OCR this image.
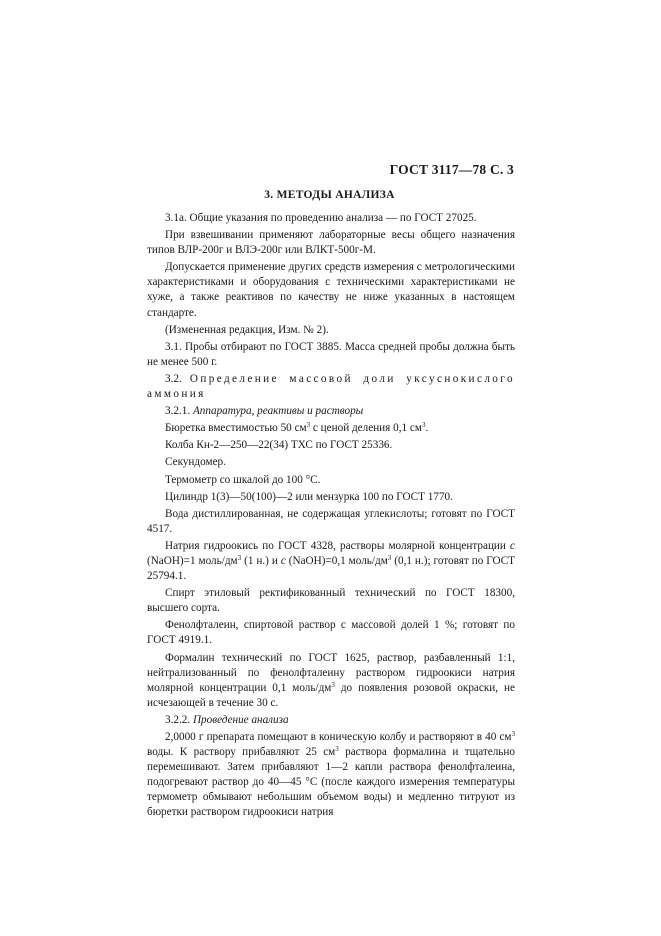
ГОСТ 3117—78 С. 3
3. МЕТОДЫ АНАЛИЗА

3.1а. Общие указания по проведению анализа — по ГОСТ 27025.

При взвешивании применяют лабораторные весы общего назначения типов ВЛР-200г и ВЛЭ-200г или ВЛКТ-500г-М.

Допускается применение других средств измерения с метрологическими характеристиками и оборудования с техническими характеристиками не хуже, а также реактивов по качеству не ниже указанных в настоящем стандарте.

(Измененная редакция, Изм. № 2).

3.1. Пробы отбирают по ГОСТ 3885. Масса средней пробы должна быть не менее 500 г.

3.2. Определение массовой доли уксуснокислого аммония

3.2.1. Аппаратура, реактивы и растворы

Бюретка вместимостью 50 $см^3$ с ценой деления 0,1 $см^3$.

Колба Кн-2—250—22(34) ТХС по ГОСТ 25336.

Секундомер.

Термометр со шкалой до 100 °С.

Цилиндр 1(3)—50(100)—2 или мензурка 100 по ГОСТ 1770.

Вода дистиллированная, не содержащая углекислоты; готовят по ГОСТ 4517.

Натрия гидроокись по ГОСТ 4328, растворы молярной концентрации c (NaOH)=1 моль/$дм^3$ (1 н.) и c (NaOH)=0,1 моль/$дм^3$ (0,1 н.); готовят по ГОСТ 25794.1.

Спирт этиловый ректификованный технический по ГОСТ 18300, высшего сорта.

Фенолфталеин, спиртовой раствор с массовой долей 1 %; готовят по ГОСТ 4919.1.

Формалин технический по ГОСТ 1625, раствор, разбавленный 1:1, нейтрализованный по фенолфталеину раствором гидроокиси натрия молярной концентрации 0,1 моль/$дм^3$ до появления розовой окраски, не исчезающей в течение 30 с.

3.2.2. Проведение анализа

2,0000 г препарата помещают в коническую колбу и растворяют в 40 $см^3$ воды. К раствору прибавляют 25 $см^3$ раствора формалина и тщательно перемешивают. Затем прибавляют 1—2 капли раствора фенолфталеина, подогревают раствор до 40—45 °С (после каждого измерения температуры термометр обмывают небольшим объемом воды) и медленно титруют из бюретки раствором гидроокиси натрия
